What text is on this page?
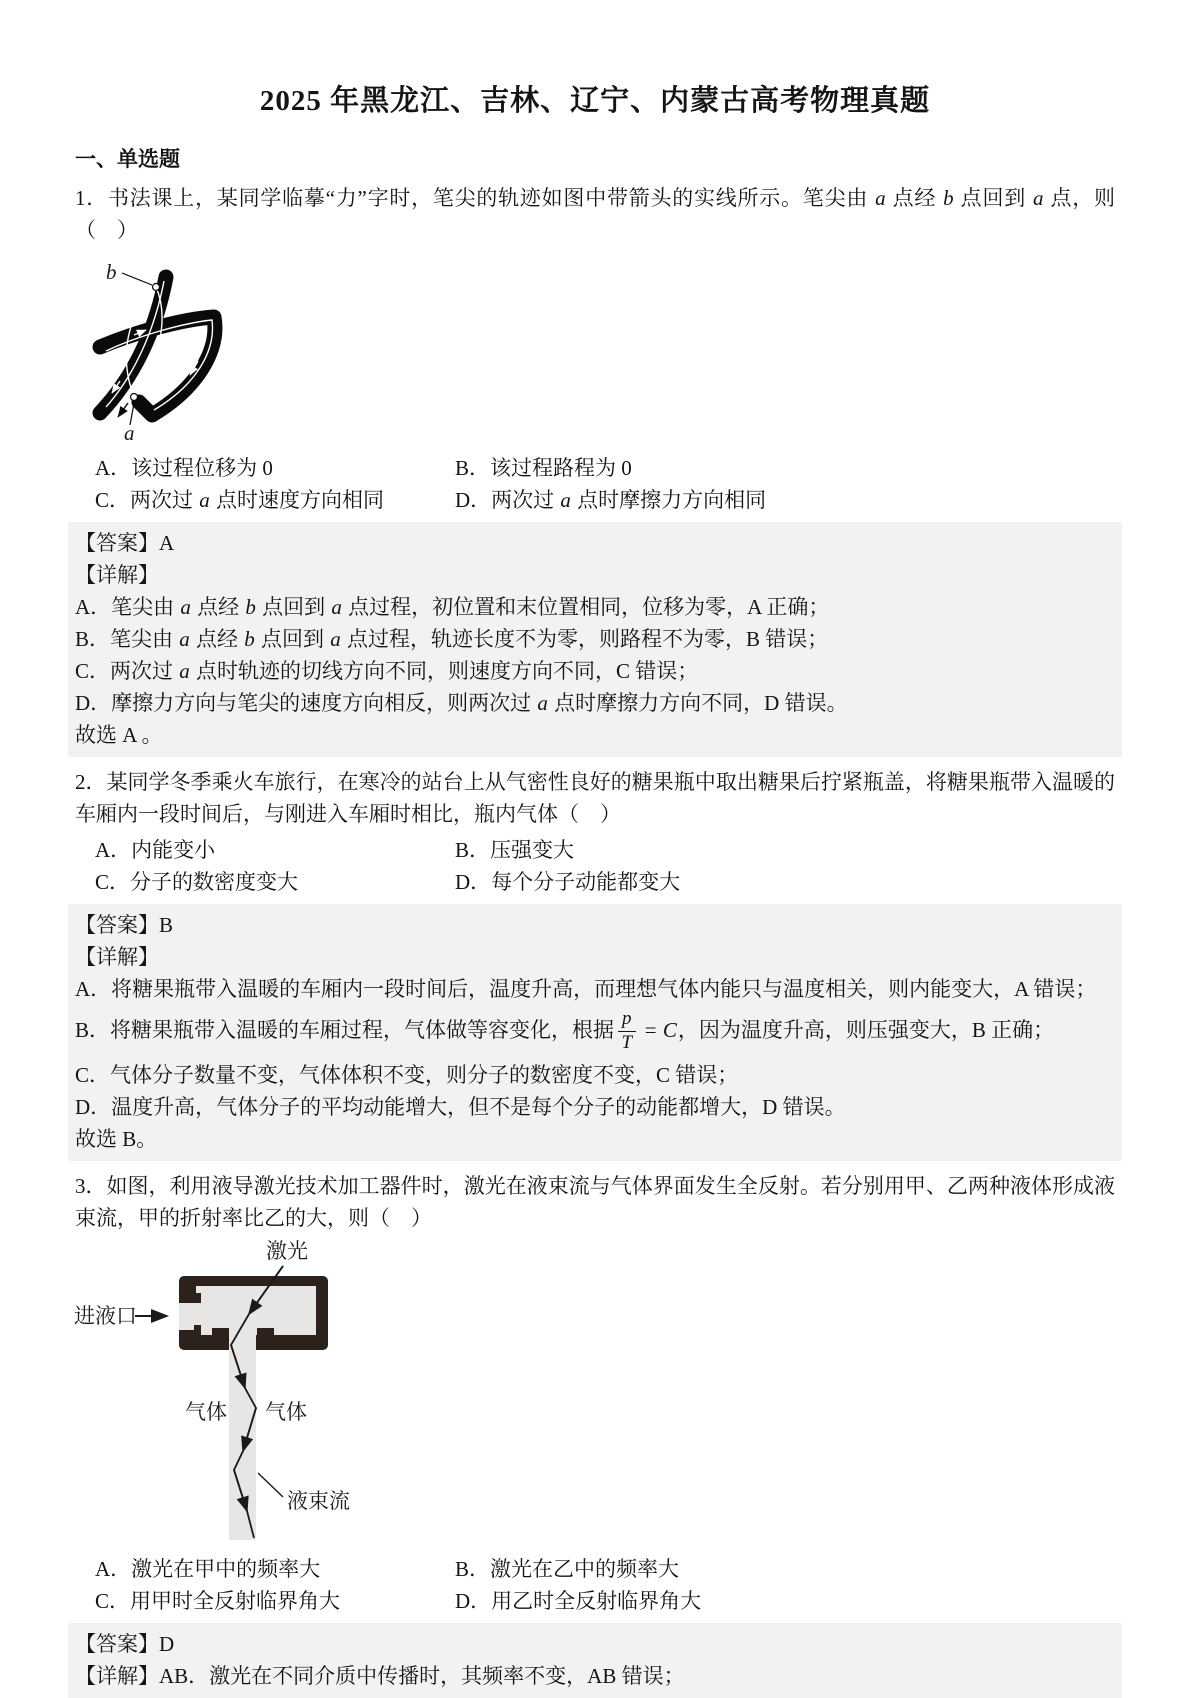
2025 年黑龙江、吉林、辽宁、内蒙古高考物理真题
一、单选题

1．书法课上，某同学临摹“力”字时，笔尖的轨迹如图中带箭头的实线所示。笔尖由 a 点经 b 点回到 a 点，则（　）

b
a

A．该过程位移为 0	B．该过程路程为 0

C．两次过 a 点时速度方向相同	D．两次过 a 点时摩擦力方向相同

【答案】A

【详解】

A．笔尖由 a 点经 b 点回到 a 点过程，初位置和末位置相同，位移为零，A 正确；

B．笔尖由 a 点经 b 点回到 a 点过程，轨迹长度不为零，则路程不为零，B 错误；

C．两次过 a 点时轨迹的切线方向不同，则速度方向不同，C 错误；

D．摩擦力方向与笔尖的速度方向相反，则两次过 a 点时摩擦力方向不同，D 错误。

故选 A 。

2．某同学冬季乘火车旅行，在寒冷的站台上从气密性良好的糖果瓶中取出糖果后拧紧瓶盖，将糖果瓶带入温暖的车厢内一段时间后，与刚进入车厢时相比，瓶内气体（　）

A．内能变小	B．压强变大

C．分子的数密度变大	D．每个分子动能都变大

【答案】B

【详解】

A．将糖果瓶带入温暖的车厢内一段时间后，温度升高，而理想气体内能只与温度相关，则内能变大，A 错误；

B．将糖果瓶带入温暖的车厢过程，气体做等容变化，根据 $\frac{p}{T} = C$，因为温度升高，则压强变大，B 正确；

C．气体分子数量不变，气体体积不变，则分子的数密度不变，C 错误；

D．温度升高，气体分子的平均动能增大，但不是每个分子的动能都增大，D 错误。

故选 B。

3．如图，利用液导激光技术加工器件时，激光在液束流与气体界面发生全反射。若分别用甲、乙两种液体形成液束流，甲的折射率比乙的大，则（　）

激光
进液口
气体 气体
液束流

A．激光在甲中的频率大	B．激光在乙中的频率大

C．用甲时全反射临界角大	D．用乙时全反射临界角大

【答案】D

【详解】AB．激光在不同介质中传播时，其频率不变，AB 错误；
